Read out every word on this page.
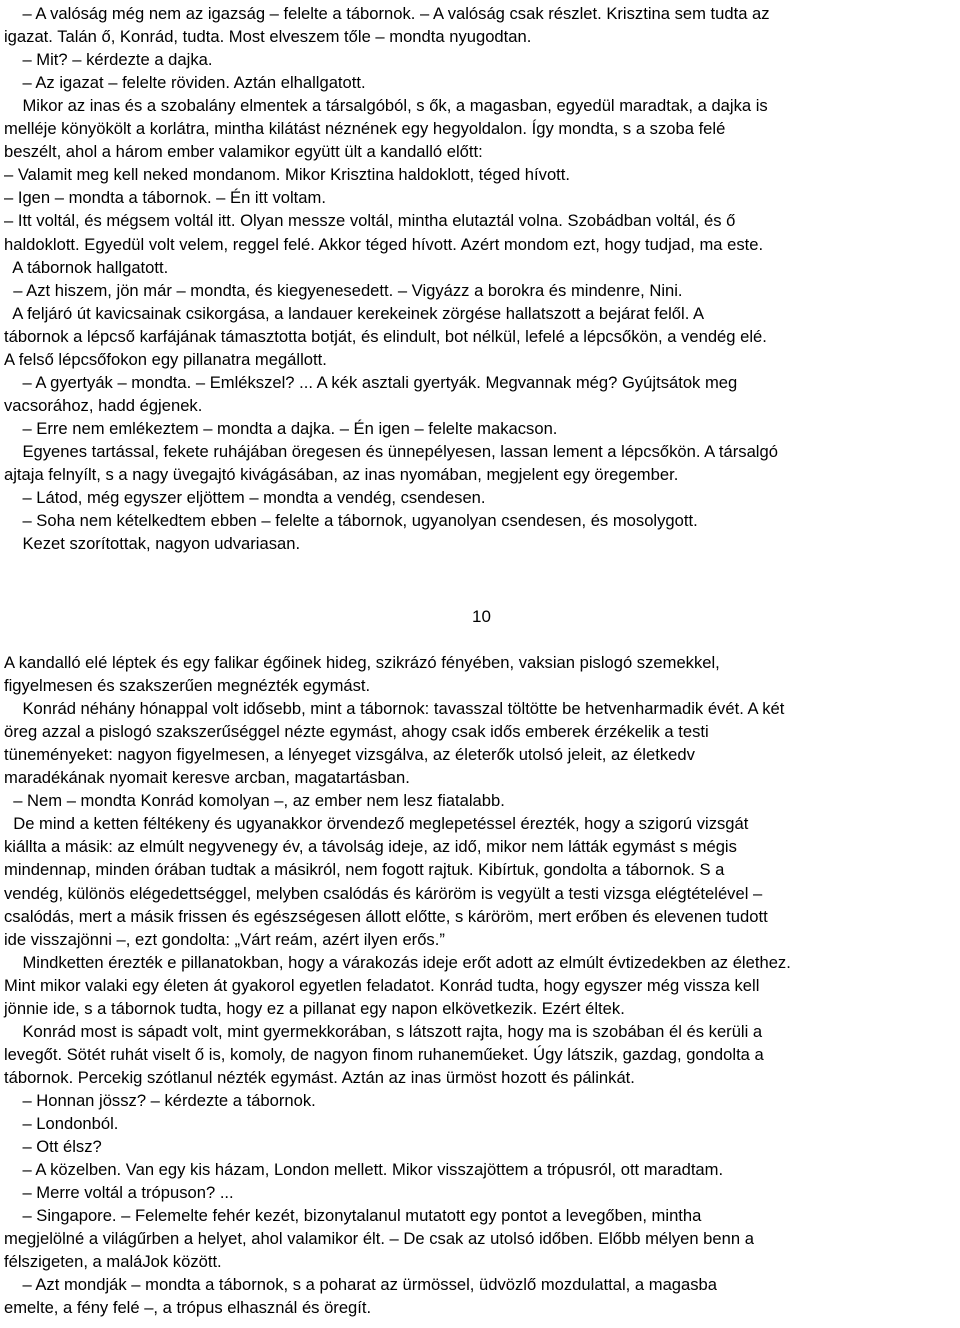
– A valóság még nem az igazság – felelte a tábornok. – A valóság csak részlet. Krisztina sem tudta az
igazat. Talán ő, Konrád, tudta. Most elveszem tőle – mondta nyugodtan.
– Mit? – kérdezte a dajka.
– Az igazat – felelte röviden. Aztán elhallgatott.
Mikor az inas és a szobalány elmentek a társalgóból, s ők, a magasban, egyedül maradtak, a dajka is
melléje könyökölt a korlátra, mintha kilátást néznének egy hegyoldalon. Így mondta, s a szoba felé
beszélt, ahol a három ember valamikor együtt ült a kandalló előtt:
– Valamit meg kell neked mondanom. Mikor Krisztina haldoklott, téged hívott.
– Igen – mondta a tábornok. – Én itt voltam.
– Itt voltál, és mégsem voltál itt. Olyan messze voltál, mintha elutaztál volna. Szobádban voltál, és ő
haldoklott. Egyedül volt velem, reggel felé. Akkor téged hívott. Azért mondom ezt, hogy tudjad, ma este.
A tábornok hallgatott.
– Azt hiszem, jön már – mondta, és kiegyenesedett. – Vigyázz a borokra és mindenre, Nini.
A feljáró út kavicsainak csikorgása, a landauer kerekeinek zörgése hallatszott a bejárat felől. A
tábornok a lépcső karfájának támasztotta botját, és elindult, bot nélkül, lefelé a lépcsőkön, a vendég elé.
A felső lépcsőfokon egy pillanatra megállott.
– A gyertyák – mondta. – Emlékszel? ... A kék asztali gyertyák. Megvannak még? Gyújtsátok meg
vacsorához, hadd égjenek.
– Erre nem emlékeztem – mondta a dajka. – Én igen – felelte makacson.
Egyenes tartással, fekete ruhájában öregesen és ünnepélyesen, lassan lement a lépcsőkön. A társalgó
ajtaja felnyílt, s a nagy üvegajtó kivágásában, az inas nyomában, megjelent egy öregember.
– Látod, még egyszer eljöttem – mondta a vendég, csendesen.
– Soha nem kételkedtem ebben – felelte a tábornok, ugyanolyan csendesen, és mosolygott.
Kezet szorítottak, nagyon udvariasan.
10
A kandalló elé léptek és egy falikar égőinek hideg, szikrázó fényében, vaksian pislogó szemekkel,
figyelmesen és szakszerűen megnézték egymást.
Konrád néhány hónappal volt idősebb, mint a tábornok: tavasszal töltötte be hetvenharmadik évét. A két
öreg azzal a pislogó szakszerűséggel nézte egymást, ahogy csak idős emberek érzékelik a testi
tüneményeket: nagyon figyelmesen, a lényeget vizsgálva, az életerők utolsó jeleit, az életkedv
maradékának nyomait keresve arcban, magatartásban.
– Nem – mondta Konrád komolyan –, az ember nem lesz fiatalabb.
De mind a ketten féltékeny és ugyanakkor örvendező meglepetéssel érezték, hogy a szigorú vizsgát
kiállta a másik: az elmúlt negyvenegy év, a távolság ideje, az idő, mikor nem látták egymást s mégis
mindennap, minden órában tudtak a másikról, nem fogott rajtuk. Kibírtuk, gondolta a tábornok. S a
vendég, különös elégedettséggel, melyben csalódás és káröröm is vegyült a testi vizsga elégtételével –
csalódás, mert a másik frissen és egészségesen állott előtte, s káröröm, mert erőben és elevenen tudott
ide visszajönni –, ezt gondolta: „Várt reám, azért ilyen erős.”
Mindketten érezték e pillanatokban, hogy a várakozás ideje erőt adott az elmúlt évtizedekben az élethez.
Mint mikor valaki egy életen át gyakorol egyetlen feladatot. Konrád tudta, hogy egyszer még vissza kell
jönnie ide, s a tábornok tudta, hogy ez a pillanat egy napon elkövetkezik. Ezért éltek.
Konrád most is sápadt volt, mint gyermekkorában, s látszott rajta, hogy ma is szobában él és kerüli a
levegőt. Sötét ruhát viselt ő is, komoly, de nagyon finom ruhaneműeket. Úgy látszik, gazdag, gondolta a
tábornok. Percekig szótlanul nézték egymást. Aztán az inas ürmöst hozott és pálinkát.
– Honnan jössz? – kérdezte a tábornok.
– Londonból.
– Ott élsz?
– A közelben. Van egy kis házam, London mellett. Mikor visszajöttem a trópusról, ott maradtam.
– Merre voltál a trópuson? ...
– Singapore. – Felemelte fehér kezét, bizonytalanul mutatott egy pontot a levegőben, mintha
megjelölné a világűrben a helyet, ahol valamikor élt. – De csak az utolsó időben. Előbb mélyen benn a
félszigeten, a maláJok között.
– Azt mondják – mondta a tábornok, s a poharat az ürmössel, üdvözlő mozdulattal, a magasba
emelte, a fény felé –, a trópus elhasznál és öregít.
